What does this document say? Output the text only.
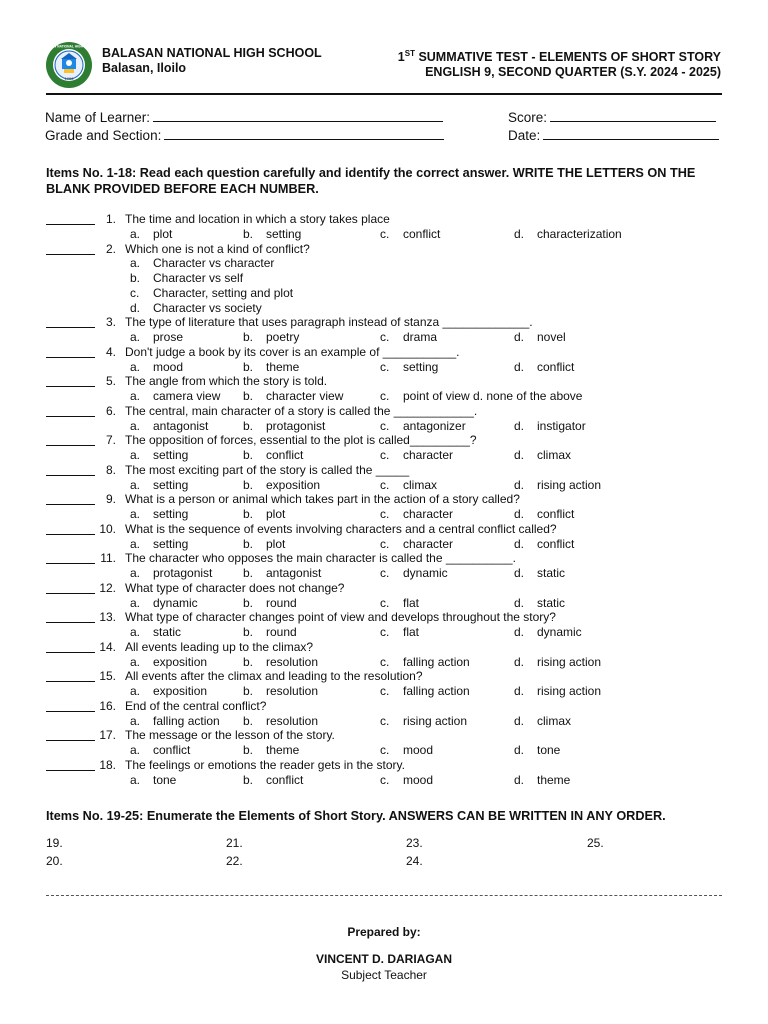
1966
BALASAN NATIONAL HIGH SCHOOL BALASAN NATIONAL HIGH SCHOOL
Balasan, Iloilo
1ST SUMMATIVE TEST - ELEMENTS OF SHORT STORY
ENGLISH 9, SECOND QUARTER (S.Y. 2024 - 2025)
Name of Learner:
Grade and Section:
Score:
Date:
Items No. 1-18: Read each question carefully and identify the correct answer. WRITE THE LETTERS ON THE BLANK PROVIDED BEFORE EACH NUMBER.
1. The time and location in which a story takes place
a. plot	b. setting	c. conflict	d. characterization
2. Which one is not a kind of conflict?
a. Character vs character
b. Character vs self
c. Character, setting and plot
d. Character vs society
3. The type of literature that uses paragraph instead of stanza _____________.
a. prose	b. poetry	c. drama	d. novel
4. Don't judge a book by its cover is an example of ___________.
a. mood	b. theme	c. setting	d. conflict
5. The angle from which the story is told.
a. camera view b. character view	c. point of view d. none of the above
6. The central, main character of a story is called the ____________.
a. antagonist	b. protagonist	c. antagonizer	d. instigator
7. The opposition of forces, essential to the plot is called_________?
a. setting	b. conflict	c. character	d. climax
8. The most exciting part of the story is called the _____
a. setting	b. exposition	c. climax	d. rising action
9. What is a person or animal which takes part in the action of a story called?
a. setting	b. plot	c. character	d. conflict
10. What is the sequence of events involving characters and a central conflict called?
a. setting	b. plot	c. character	d. conflict
11. The character who opposes the main character is called the __________.
a. protagonist	b. antagonist	c. dynamic	d. static
12. What type of character does not change?
a. dynamic	b. round	c. flat	d. static
13. What type of character changes point of view and develops throughout the story?
a. static	b. round	c. flat	d. dynamic
14. All events leading up to the climax?
a. exposition	b. resolution	c. falling action	d. rising action
15. All events after the climax and leading to the resolution?
a. exposition	b. resolution	c. falling action	d. rising action
16. End of the central conflict?
a. falling action b. resolution	c. rising action	d. climax
17. The message or the lesson of the story.
a. conflict	b. theme	c. mood	d. tone
18. The feelings or emotions the reader gets in the story.
a. tone	b. conflict	c. mood	d. theme
Items No. 19-25: Enumerate the Elements of Short Story. ANSWERS CAN BE WRITTEN IN ANY ORDER.
19.
20.
21.
22.
23.
24.
25.
Prepared by:
VINCENT D. DARIAGAN
Subject Teacher
